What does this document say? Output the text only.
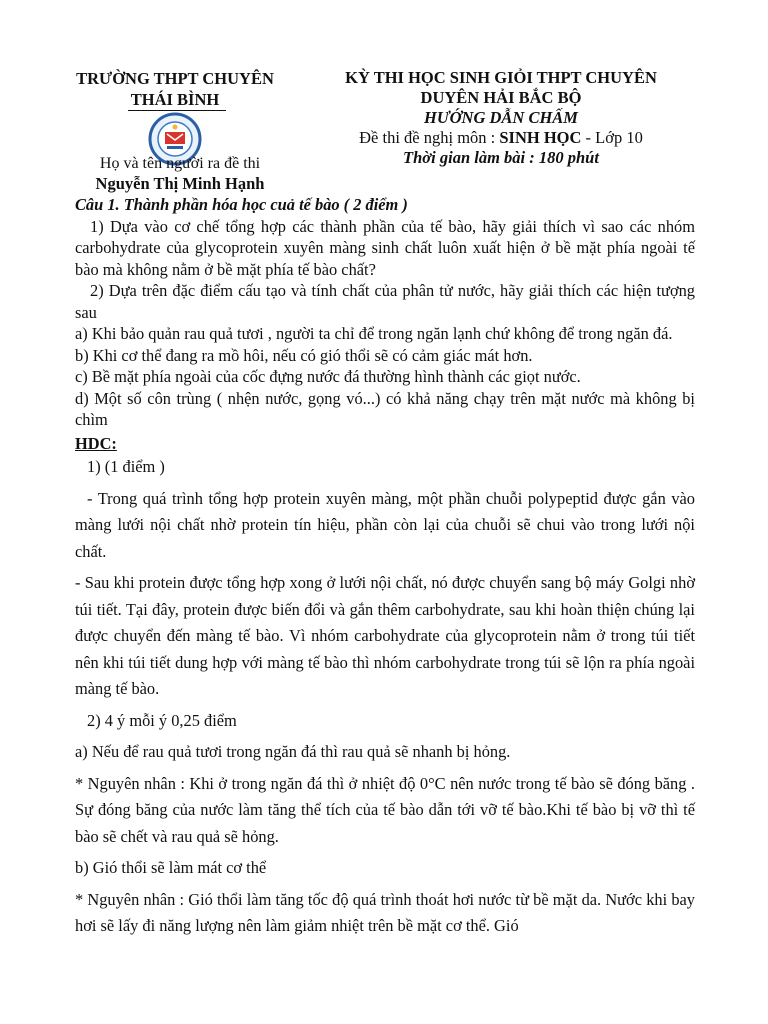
TRƯỜNG THPT CHUYÊN
THÁI BÌNH
KỲ THI HỌC SINH GIỎI THPT CHUYÊN
DUYÊN HẢI BẮC BỘ
HƯỚNG DẪN CHẤM
Đề thi đề nghị môn : SINH HỌC - Lớp 10
Thời gian làm bài : 180 phút
Họ và tên người ra đề thi
Nguyễn Thị Minh Hạnh

Câu 1. Thành phần hóa học cuả tế bào ( 2 điểm )

1) Dựa vào cơ chế tổng hợp các thành phần của tế bào, hãy giải thích vì sao các nhóm carbohydrate của glycoprotein xuyên màng sinh chất luôn xuất hiện ở bề mặt phía ngoài tế bào mà không nằm ở bề mặt phía tế bào chất?

2) Dựa trên đặc điểm cấu tạo và tính chất của phân tử nước, hãy giải thích các hiện tượng sau

a) Khi bảo quản rau quả tươi , người ta chỉ để trong ngăn lạnh chứ không để trong ngăn đá.

b) Khi cơ thể đang ra mồ hôi, nếu có gió thổi sẽ có cảm giác mát hơn.

c) Bề mặt phía ngoài của cốc đựng nước đá thường hình thành các giọt nước.

d) Một số côn trùng ( nhện nước, gọng vó...) có khả năng chạy trên mặt nước mà không bị chìm

HDC:

1) (1 điểm )

- Trong quá trình tổng hợp protein xuyên màng, một phần chuỗi polypeptid được gắn vào màng lưới nội chất nhờ protein tín hiệu, phần còn lại của chuỗi sẽ chui vào trong lưới nội chất.

- Sau khi protein được tổng hợp xong ở lưới nội chất, nó được chuyển sang bộ máy Golgi nhờ túi tiết. Tại đây, protein được biến đổi và gắn thêm carbohydrate, sau khi hoàn thiện chúng lại được chuyển đến màng tế bào. Vì nhóm carbohydrate của glycoprotein nằm ở trong túi tiết nên khi túi tiết dung hợp với màng tế bào thì nhóm carbohydrate trong túi sẽ lộn ra phía ngoài màng tế bào.

2) 4 ý mỗi ý 0,25 điểm

a) Nếu để rau quả tươi trong ngăn đá thì rau quả sẽ nhanh bị hỏng.

* Nguyên nhân : Khi ở trong ngăn đá thì ở nhiệt độ 0°C nên nước trong tế bào sẽ đóng băng . Sự đóng băng của nước làm tăng thể tích của tế bào dẫn tới vỡ tế bào.Khi tế bào bị vỡ thì tế bào sẽ chết và rau quả sẽ hỏng.

b) Gió thổi sẽ làm mát cơ thể

* Nguyên nhân : Gió thổi làm tăng tốc độ quá trình thoát hơi nước từ bề mặt da. Nước khi bay hơi sẽ lấy đi năng lượng nên làm giảm nhiệt trên bề mặt cơ thể. Gió
